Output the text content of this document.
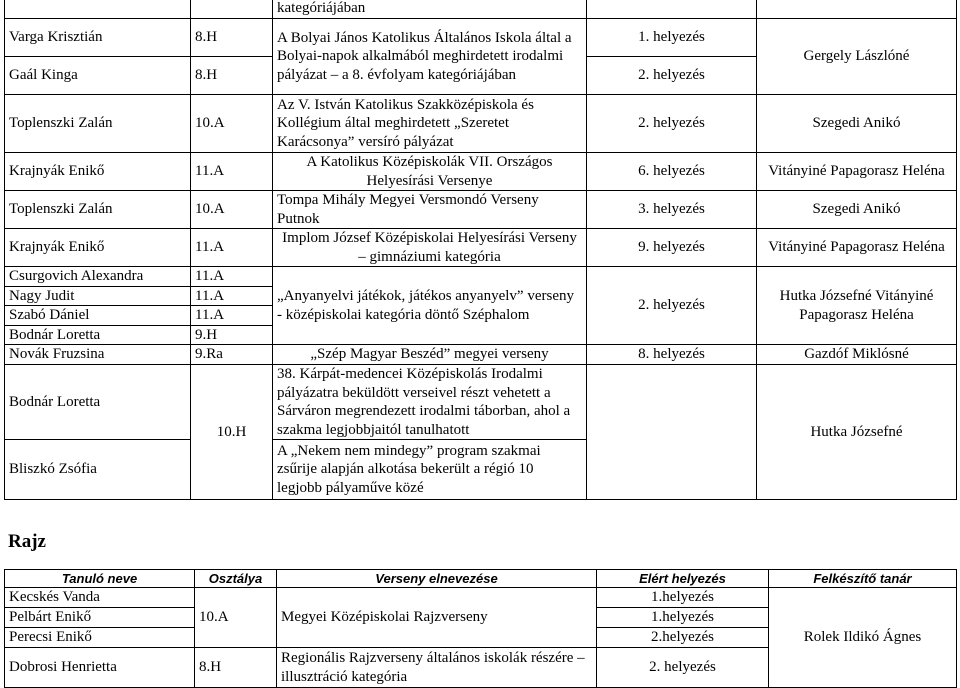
		kategóriájában		
Varga Krisztián	8.H	A Bolyai János Katolikus Általános Iskola által a Bolyai-napok alkalmából meghirdetett irodalmi pályázat – a 8. évfolyam kategóriájában	1. helyezés	Gergely Lászlóné
Gaál Kinga	8.H		2. helyezés	
Toplenszki Zalán	10.A	Az V. István Katolikus Szakközépiskola és Kollégium által meghirdetett „Szeretet Karácsonya” versíró pályázat	2. helyezés	Szegedi Anikó
Krajnyák Enikő	11.A	A Katolikus Középiskolák VII. Országos Helyesírási Versenye	6. helyezés	Vitányiné Papagorasz Heléna
Toplenszki Zalán	10.A	Tompa Mihály Megyei Versmondó Verseny Putnok	3. helyezés	Szegedi Anikó
Krajnyák Enikő	11.A	Implom József Középiskolai Helyesírási Verseny – gimnáziumi kategória	9. helyezés	Vitányiné Papagorasz Heléna
Csurgovich Alexandra	11.A	„Anyanyelvi játékok, játékos anyanyelv” verseny - középiskolai kategória döntő Széphalom	2. helyezés	Hutka Józsefné Vitányiné Papagorasz Heléna
Nagy Judit	11.A			
Szabó Dániel	11.A			
Bodnár Loretta	9.H			
Novák Fruzsina	9.Ra	„Szép Magyar Beszéd” megyei verseny	8. helyezés	Gazdóf Miklósné
Bodnár Loretta	10.H	38. Kárpát-medencei Középiskolás Irodalmi pályázatra beküldött verseivel részt vehetett a Sárváron megrendezett irodalmi táborban, ahol a szakma legjobbjaitól tanulhatott		Hutka Józsefné
Bliszkó Zsófia		A „Nekem nem mindegy” program szakmai zsűrije alapján alkotása bekerült a régió 10 legjobb pályaműve közé		
Rajz
Tanuló neve	Osztálya	Verseny elnevezése	Elért helyezés	Felkészítő tanár
Kecskés Vanda	10.A	Megyei Középiskolai Rajzverseny	1.helyezés	Rolek Ildikó Ágnes
Pelbárt Enikő			1.helyezés	
Perecsi Enikő			2.helyezés	
Dobrosi Henrietta	8.H	Regionális Rajzverseny általános iskolák részére – illusztráció kategória	2. helyezés	
